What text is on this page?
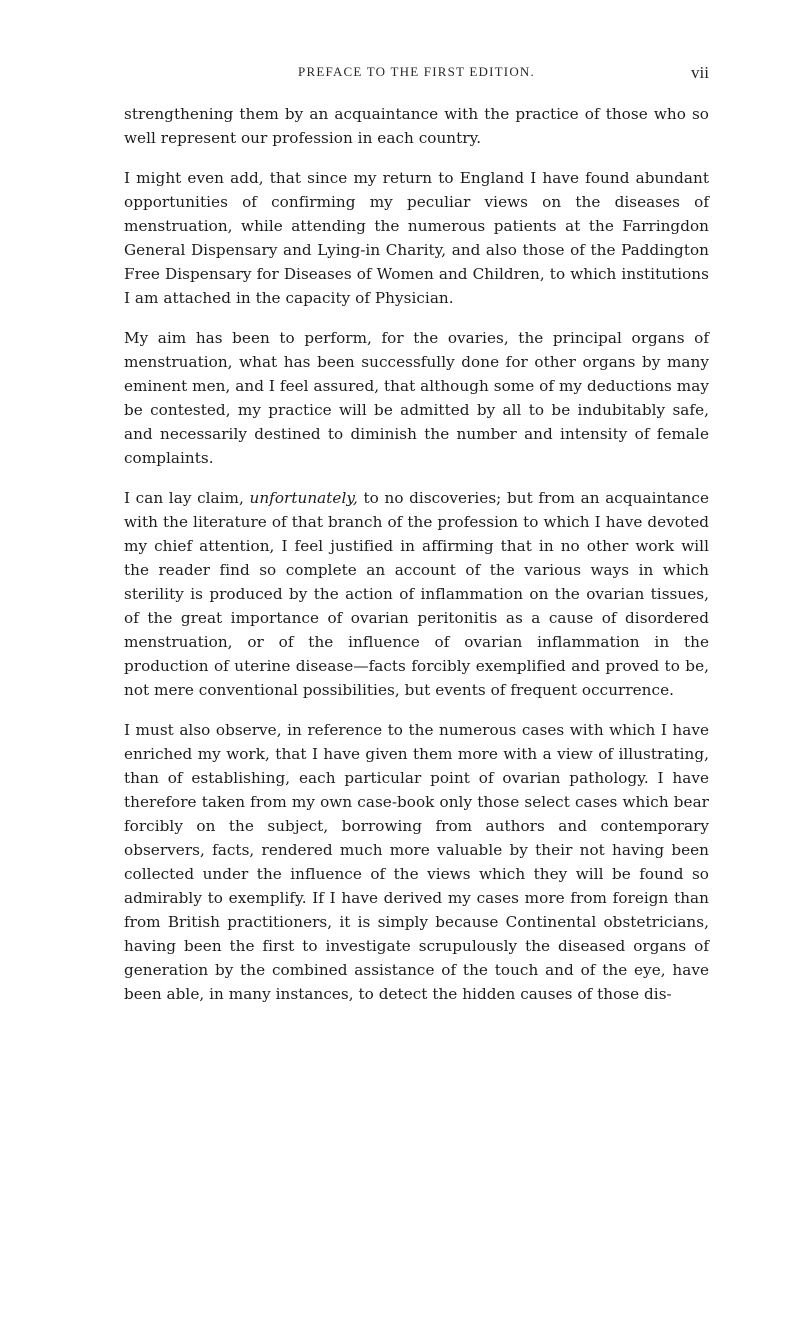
PREFACE TO THE FIRST EDITION.	vii

strengthening them by an acquaintance with the practice of those who so well represent our profession in each country.

I might even add, that since my return to England I have found abundant opportunities of confirming my peculiar views on the diseases of menstruation, while attending the numerous patients at the Farringdon General Dispensary and Lying-in Charity, and also those of the Paddington Free Dispensary for Diseases of Women and Children, to which institutions I am attached in the capacity of Physician.

My aim has been to perform, for the ovaries, the principal organs of menstruation, what has been successfully done for other organs by many eminent men, and I feel assured, that although some of my deductions may be contested, my practice will be admitted by all to be indubitably safe, and necessarily destined to diminish the number and intensity of female complaints.

I can lay claim, unfortunately, to no discoveries; but from an acquaintance with the literature of that branch of the profession to which I have devoted my chief attention, I feel justified in affirming that in no other work will the reader find so complete an account of the various ways in which sterility is produced by the action of inflammation on the ovarian tissues, of the great importance of ovarian peritonitis as a cause of disordered menstruation, or of the influence of ovarian inflammation in the production of uterine disease—facts forcibly exemplified and proved to be, not mere conventional possibilities, but events of frequent occurrence.

I must also observe, in reference to the numerous cases with which I have enriched my work, that I have given them more with a view of illustrating, than of establishing, each particular point of ovarian pathology. I have therefore taken from my own case-book only those select cases which bear forcibly on the subject, borrowing from authors and contemporary observers, facts, rendered much more valuable by their not having been collected under the influence of the views which they will be found so admirably to exemplify. If I have derived my cases more from foreign than from British practitioners, it is simply because Continental obstetricians, having been the first to investigate scrupulously the diseased organs of generation by the combined assistance of the touch and of the eye, have been able, in many instances, to detect the hidden causes of those dis-
